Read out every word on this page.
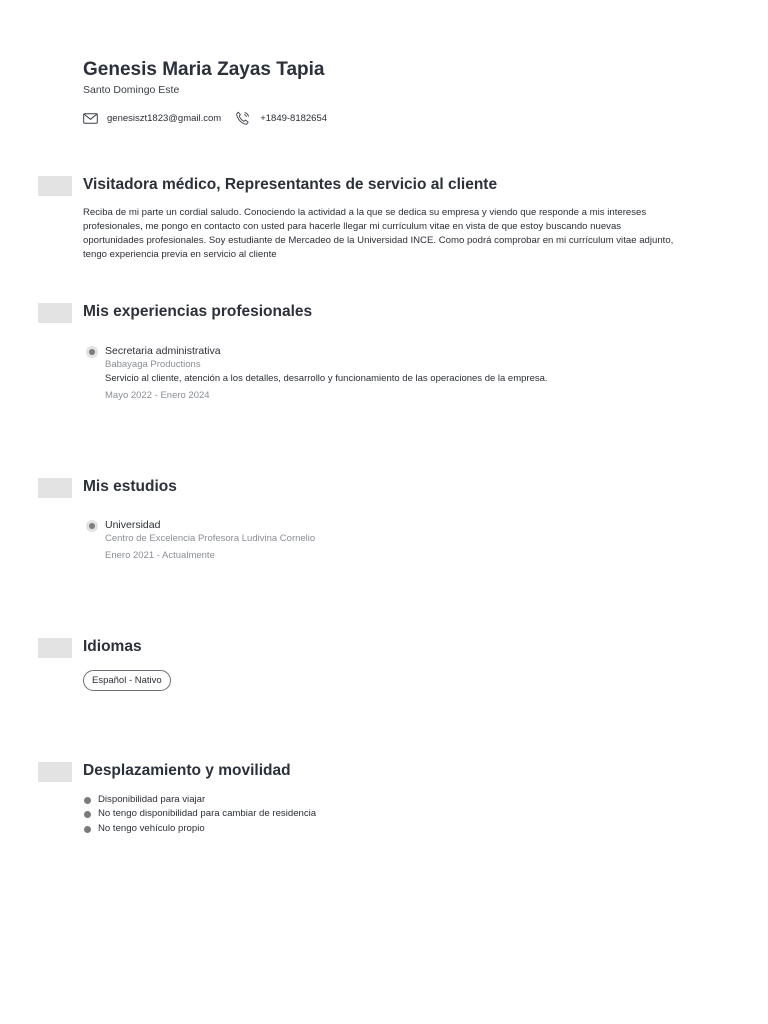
Genesis Maria Zayas Tapia
Santo Domingo Este
genesiszt1823@gmail.com	+1849-8182654
Visitadora médico, Representantes de servicio al cliente
Reciba de mi parte un cordial saludo. Conociendo la actividad a la que se dedica su empresa y viendo que responde a mis intereses profesionales, me pongo en contacto con usted para hacerle llegar mi currículum vitae en vista de que estoy buscando nuevas oportunidades profesionales. Soy estudiante de Mercadeo de la Universidad INCE. Como podrá comprobar en mi currículum vitae adjunto, tengo experiencia previa en servicio al cliente
Mis experiencias profesionales
Secretaria administrativa
Babayaga Productions
Servicio al cliente, atención a los detalles, desarrollo y funcionamiento de las operaciones de la empresa.
Mayo 2022 - Enero 2024
Mis estudios
Universidad
Centro de Excelencia Profesora Ludivina Cornelio
Enero 2021 - Actualmente
Idiomas
Español - Nativo
Desplazamiento y movilidad
Disponibilidad para viajar
No tengo disponibilidad para cambiar de residencia
No tengo vehículo propio
